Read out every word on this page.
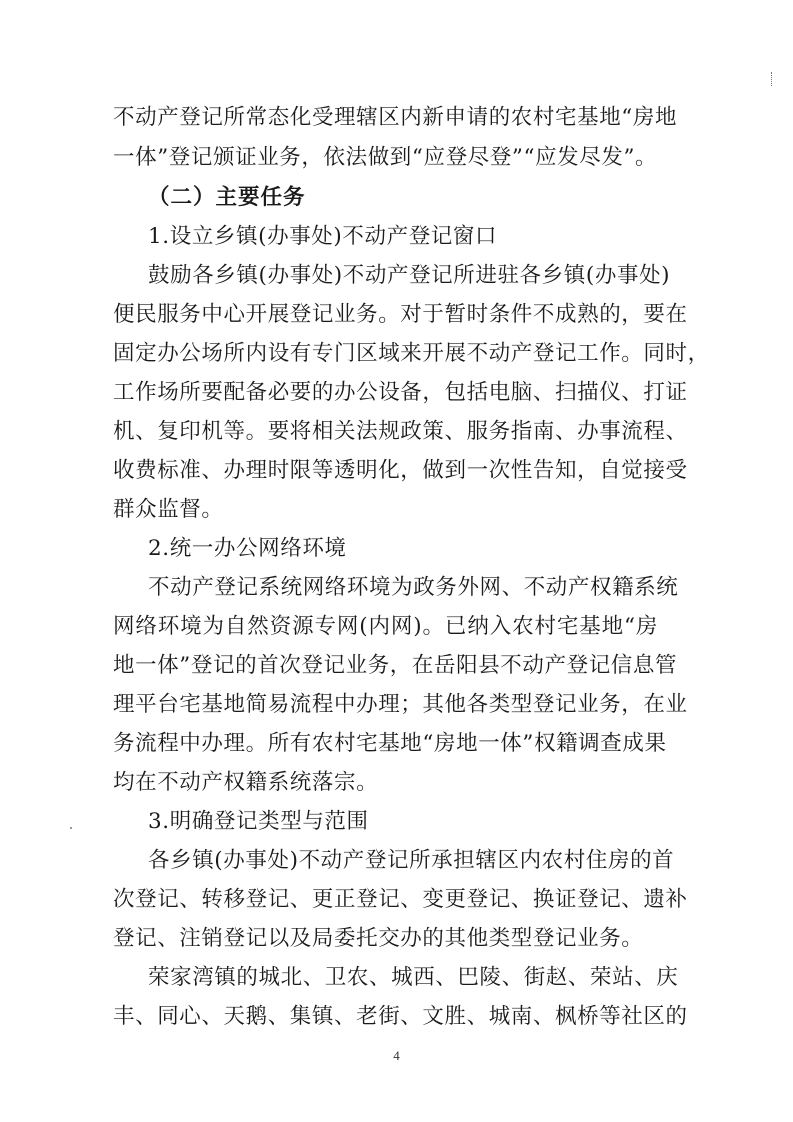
不动产登记所常态化受理辖区内新申请的农村宅基地“房地
一体”登记颁证业务，依法做到“应登尽登”“应发尽发”。
（二）主要任务
1.设立乡镇(办事处)不动产登记窗口
鼓励各乡镇(办事处)不动产登记所进驻各乡镇(办事处)
便民服务中心开展登记业务。对于暂时条件不成熟的，要在
固定办公场所内设有专门区域来开展不动产登记工作。同时，
工作场所要配备必要的办公设备，包括电脑、扫描仪、打证
机、复印机等。要将相关法规政策、服务指南、办事流程、
收费标准、办理时限等透明化，做到一次性告知，自觉接受
群众监督。
2.统一办公网络环境
不动产登记系统网络环境为政务外网、不动产权籍系统
网络环境为自然资源专网(内网)。已纳入农村宅基地“房
地一体”登记的首次登记业务，在岳阳县不动产登记信息管
理平台宅基地简易流程中办理；其他各类型登记业务，在业
务流程中办理。所有农村宅基地“房地一体”权籍调查成果
均在不动产权籍系统落宗。
3.明确登记类型与范围
各乡镇(办事处)不动产登记所承担辖区内农村住房的首
次登记、转移登记、更正登记、变更登记、换证登记、遗补
登记、注销登记以及局委托交办的其他类型登记业务。
荣家湾镇的城北、卫农、城西、巴陵、街赵、荣站、庆
丰、同心、天鹅、集镇、老街、文胜、城南、枫桥等社区的
4
